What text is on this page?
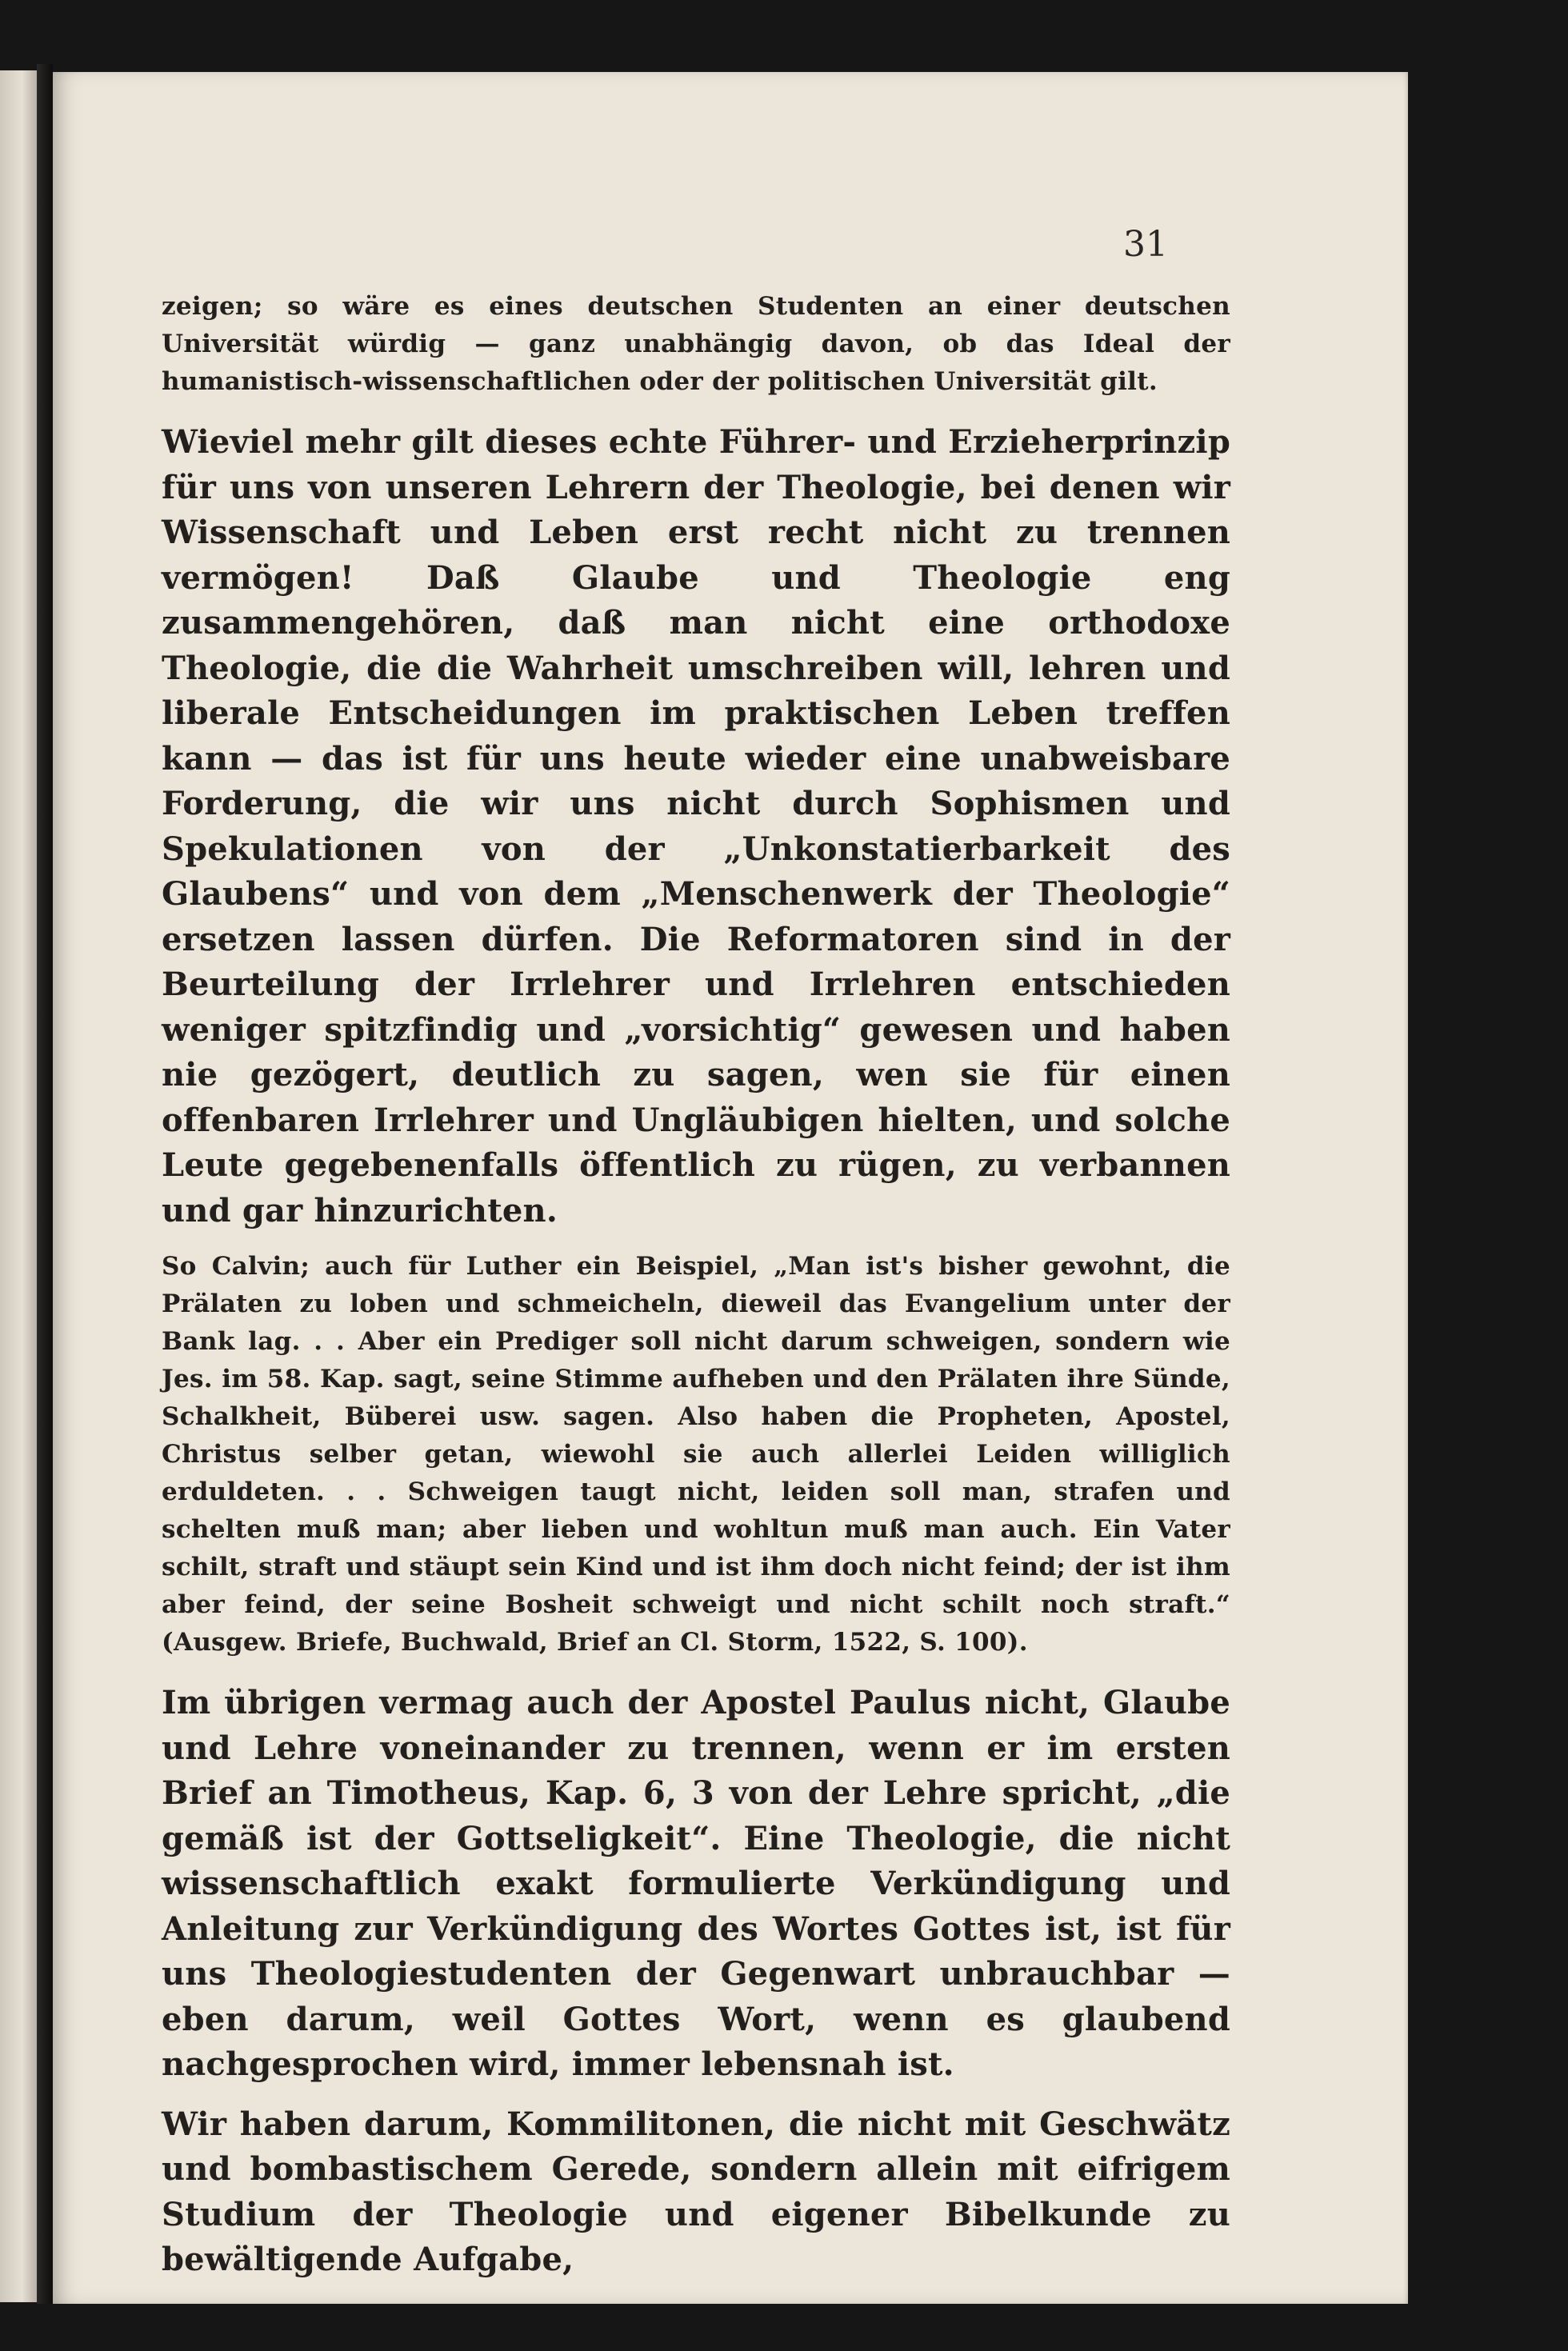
31

zeigen; so wäre es eines deutschen Studenten an einer deutschen Universität würdig — ganz unabhängig davon, ob das Ideal der humanistisch-wissenschaftlichen oder der politischen Universität gilt.

Wieviel mehr gilt dieses echte Führer- und Erzieherprinzip für uns von unseren Lehrern der Theologie, bei denen wir Wissenschaft und Leben erst recht nicht zu trennen vermögen! Daß Glaube und Theologie eng zusammengehören, daß man nicht eine orthodoxe Theologie, die die Wahrheit umschreiben will, lehren und liberale Entscheidungen im praktischen Leben treffen kann — das ist für uns heute wieder eine unabweisbare Forderung, die wir uns nicht durch Sophismen und Spekulationen von der „Unkonstatierbarkeit des Glaubens“ und von dem „Menschenwerk der Theologie“ ersetzen lassen dürfen. Die Reformatoren sind in der Beurteilung der Irrlehrer und Irrlehren entschieden weniger spitzfindig und „vorsichtig“ gewesen und haben nie gezögert, deutlich zu sagen, wen sie für einen offenbaren Irrlehrer und Ungläubigen hielten, und solche Leute gegebenenfalls öffentlich zu rügen, zu verbannen und gar hinzurichten.

So Calvin; auch für Luther ein Beispiel, „Man ist's bisher gewohnt, die Prälaten zu loben und schmeicheln, dieweil das Evangelium unter der Bank lag. . . Aber ein Prediger soll nicht darum schweigen, sondern wie Jes. im 58. Kap. sagt, seine Stimme aufheben und den Prälaten ihre Sünde, Schalkheit, Büberei usw. sagen. Also haben die Propheten, Apostel, Christus selber getan, wiewohl sie auch allerlei Leiden williglich erduldeten. . . Schweigen taugt nicht, leiden soll man, strafen und schelten muß man; aber lieben und wohltun muß man auch. Ein Vater schilt, straft und stäupt sein Kind und ist ihm doch nicht feind; der ist ihm aber feind, der seine Bosheit schweigt und nicht schilt noch straft.“ (Ausgew. Briefe, Buchwald, Brief an Cl. Storm, 1522, S. 100).

Im übrigen vermag auch der Apostel Paulus nicht, Glaube und Lehre voneinander zu trennen, wenn er im ersten Brief an Timotheus, Kap. 6, 3 von der Lehre spricht, „die gemäß ist der Gottseligkeit“. Eine Theologie, die nicht wissenschaftlich exakt formulierte Verkündigung und Anleitung zur Verkündigung des Wortes Gottes ist, ist für uns Theologiestudenten der Gegenwart unbrauchbar — eben darum, weil Gottes Wort, wenn es glaubend nachgesprochen wird, immer lebensnah ist.

Wir haben darum, Kommilitonen, die nicht mit Geschwätz und bombastischem Gerede, sondern allein mit eifrigem Studium der Theologie und eigener Bibelkunde zu bewältigende Aufgabe,
